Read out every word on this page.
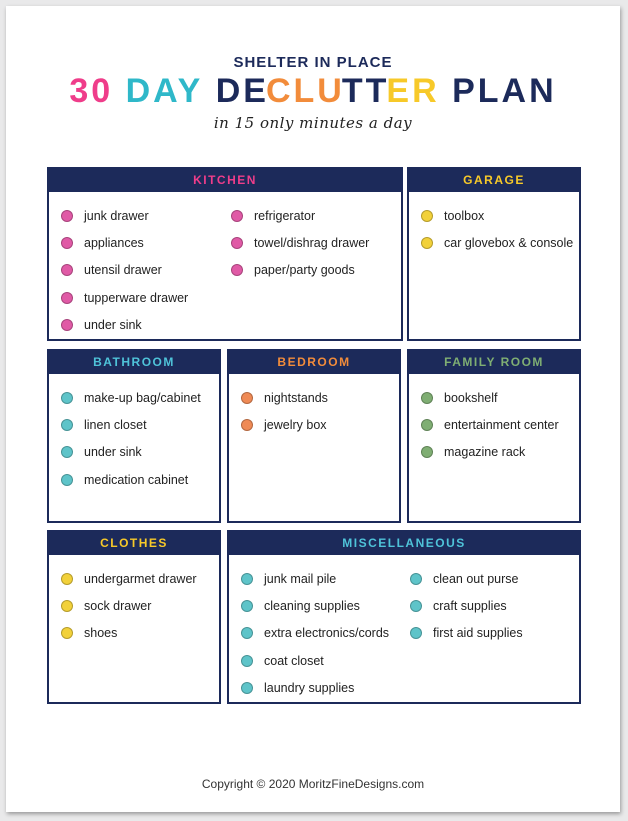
SHELTER IN PLACE
30 DAY DECLUTTER PLAN
in 15 only minutes a day
KITCHEN
junk drawer
appliances
utensil drawer
tupperware drawer
under sink
refrigerator
towel/dishrag drawer
paper/party goods
GARAGE
toolbox
car glovebox & console
BATHROOM
make-up bag/cabinet
linen closet
under sink
medication cabinet
BEDROOM
nightstands
jewelry box
FAMILY ROOM
bookshelf
entertainment center
magazine rack
CLOTHES
undergarmet drawer
sock drawer
shoes
MISCELLANEOUS
junk mail pile
cleaning supplies
extra electronics/cords
coat closet
laundry supplies
clean out purse
craft supplies
first aid supplies
Copyright © 2020 MoritzFineDesigns.com
